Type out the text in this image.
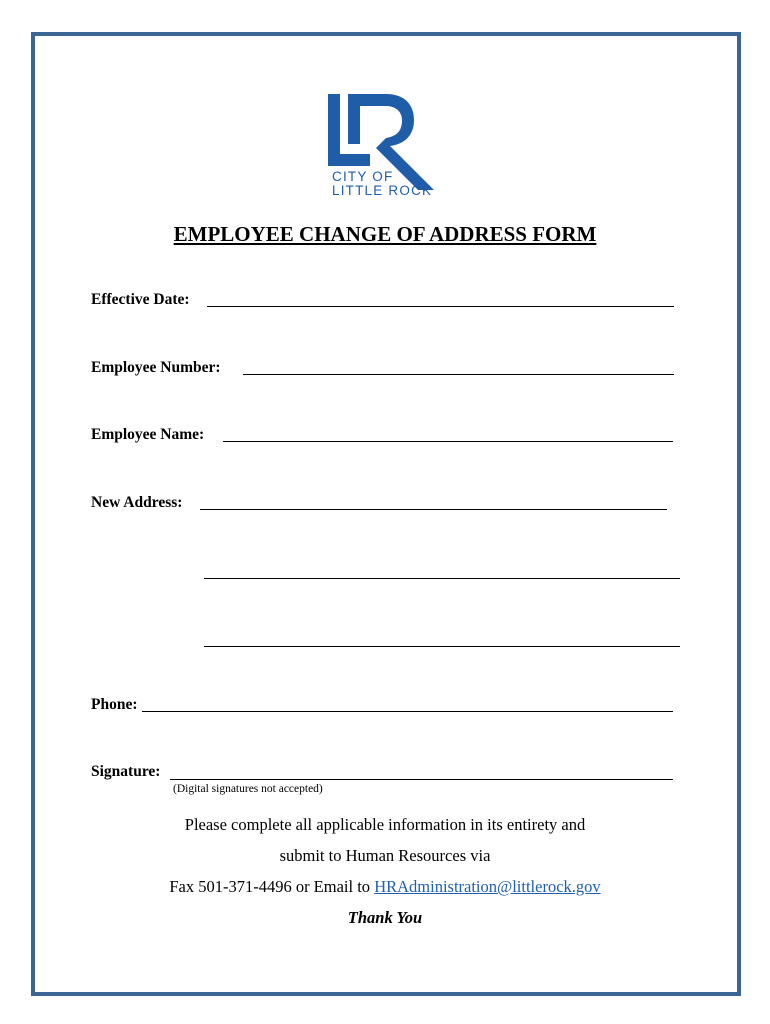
CITY OF
LITTLE ROCK
EMPLOYEE CHANGE OF ADDRESS FORM
Effective Date:
Employee Number:
Employee Name:
New Address:
Phone:
Signature:
(Digital signatures not accepted)
Please complete all applicable information in its entirety and
submit to Human Resources via
Fax 501-371-4496 or Email to HRAdministration@littlerock.gov
Thank You
